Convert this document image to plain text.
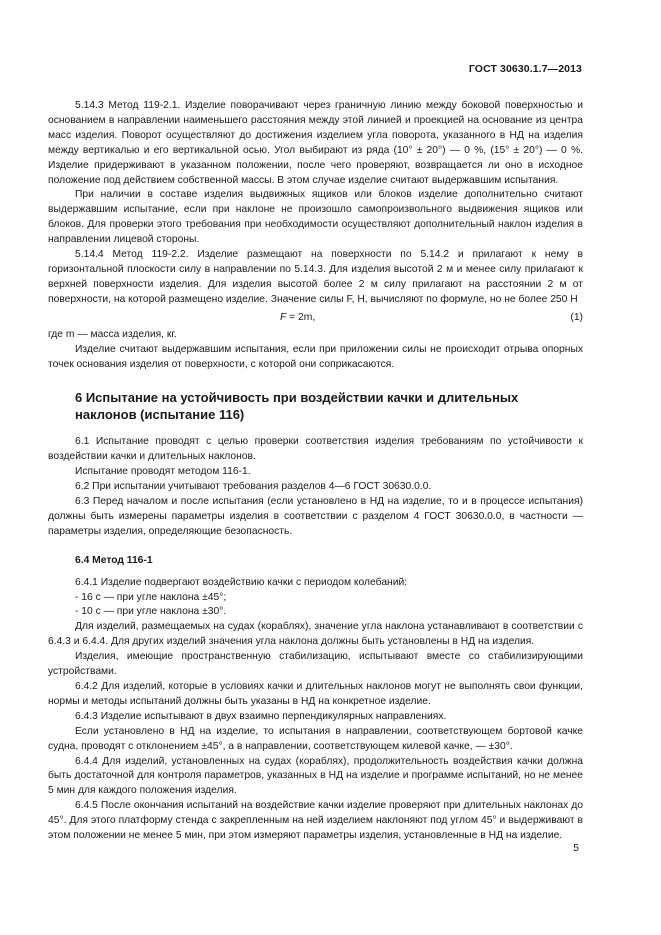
ГОСТ 30630.1.7—2013

5.14.3 Метод 119-2.1. Изделие поворачивают через граничную линию между боковой поверхностью и основанием в направлении наименьшего расстояния между этой линией и проекцией на основание из центра масс изделия. Поворот осуществляют до достижения изделием угла поворота, указанного в НД на изделия между вертикалью и его вертикальной осью. Угол выбирают из ряда (10° ± 20°) — 0 %, (15° ± 20°) — 0 %. Изделие придерживают в указанном положении, после чего проверяют, возвращается ли оно в исходное положение под действием собственной массы. В этом случае изделие считают выдержавшим испытания.

При наличии в составе изделия выдвижных ящиков или блоков изделие дополнительно считают выдержавшим испытание, если при наклоне не произошло самопроизвольного выдвижения ящиков или блоков. Для проверки этого требования при необходимости осуществляют дополнительный наклон изделия в направлении лицевой стороны.

5.14.4 Метод 119-2.2. Изделие размещают на поверхности по 5.14.2 и прилагают к нему в горизонтальной плоскости силу в направлении по 5.14.3. Для изделия высотой 2 м и менее силу прилагают к верхней поверхности изделия. Для изделия высотой более 2 м силу прилагают на расстоянии 2 м от поверхности, на которой размещено изделие. Значение силы F, Н, вычисляют по формуле, но не более 250 Н

F = 2m,	(1)

где m — масса изделия, кг.

Изделие считают выдержавшим испытания, если при приложении силы не происходит отрыва опорных точек основания изделия от поверхности, с которой они соприкасаются.

6 Испытание на устойчивость при воздействии качки и длительных наклонов (испытание 116)

6.1 Испытание проводят с целью проверки соответствия изделия требованиям по устойчивости к воздействии качки и длительных наклонов.

Испытание проводят методом 116-1.

6.2 При испытании учитывают требования разделов 4—6 ГОСТ 30630.0.0.

6.3 Перед началом и после испытания (если установлено в НД на изделие, то и в процессе испытания) должны быть измерены параметры изделия в соответствии с разделом 4 ГОСТ 30630.0.0, в частности — параметры изделия, определяющие безопасность.

6.4 Метод 116-1

6.4.1 Изделие подвергают воздействию качки с периодом колебаний:

- 16 с — при угле наклона ±45°;

- 10 с — при угле наклона ±30°.

Для изделий, размещаемых на судах (кораблях), значение угла наклона устанавливают в соответствии с 6.4.3 и 6.4.4. Для других изделий значения угла наклона должны быть установлены в НД на изделия.

Изделия, имеющие пространственную стабилизацию, испытывают вместе со стабилизирующими устройствами.

6.4.2 Для изделий, которые в условиях качки и длительных наклонов могут не выполнять свои функции, нормы и методы испытаний должны быть указаны в НД на конкретное изделие.

6.4.3 Изделие испытывают в двух взаимно перпендикулярных направлениях.

Если установлено в НД на изделие, то испытания в направлении, соответствующем бортовой качке судна, проводят с отклонением ±45°, а в направлении, соответствующем килевой качке, — ±30°.

6.4.4 Для изделий, установленных на судах (кораблях), продолжительность воздействия качки должна быть достаточной для контроля параметров, указанных в НД на изделие и программе испытаний, но не менее 5 мин для каждого положения изделия.

6.4.5 После окончания испытаний на воздействие качки изделие проверяют при длительных наклонах до 45°. Для этого платформу стенда с закрепленным на ней изделием наклоняют под углом 45° и выдерживают в этом положении не менее 5 мин, при этом измеряют параметры изделия, установленные в НД на изделие.

5
